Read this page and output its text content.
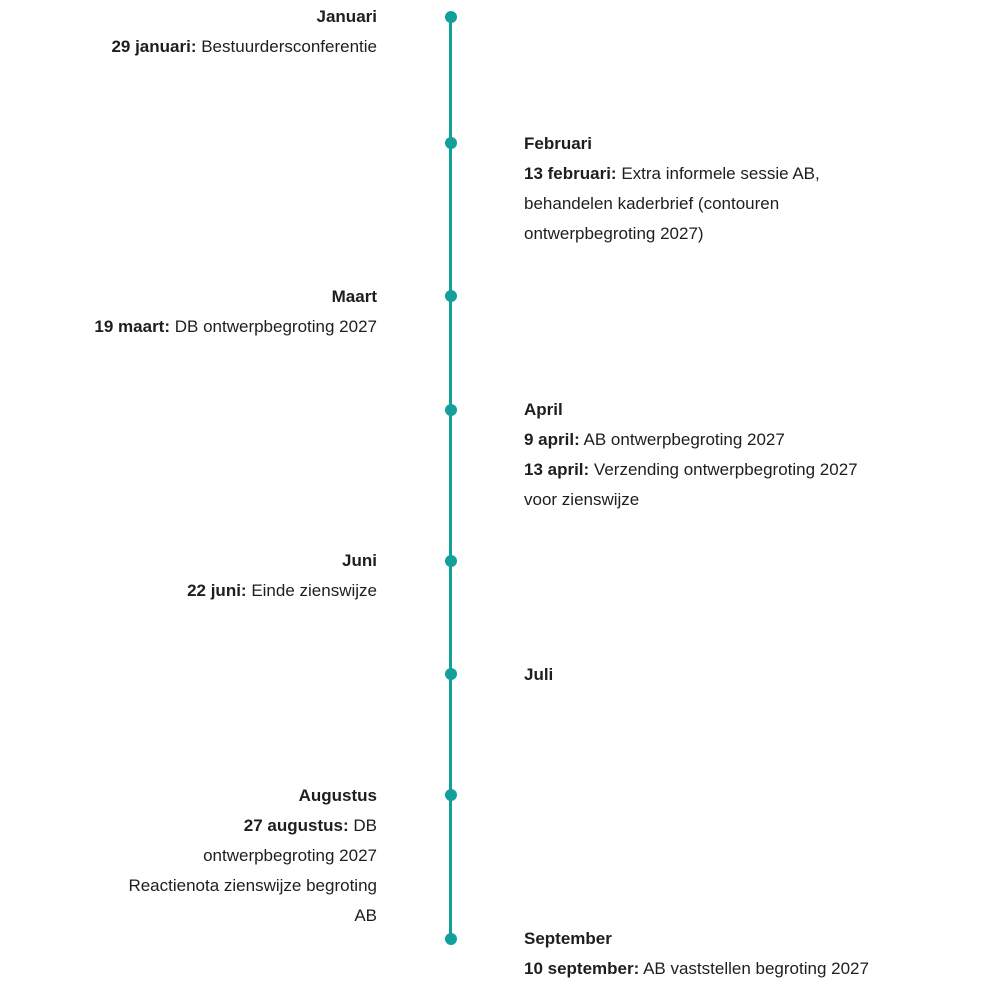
Januari
29 januari: Bestuurdersconferentie
Februari
13 februari: Extra informele sessie AB, behandelen kaderbrief (contouren ontwerpbegroting 2027)
Maart
19 maart: DB ontwerpbegroting 2027
April
9 april: AB ontwerpbegroting 2027
13 april: Verzending ontwerpbegroting 2027 voor zienswijze
Juni
22 juni: Einde zienswijze
Juli
Augustus
27 augustus: DB ontwerpbegroting 2027 Reactienota zienswijze begroting AB
September
10 september: AB vaststellen begroting 2027
